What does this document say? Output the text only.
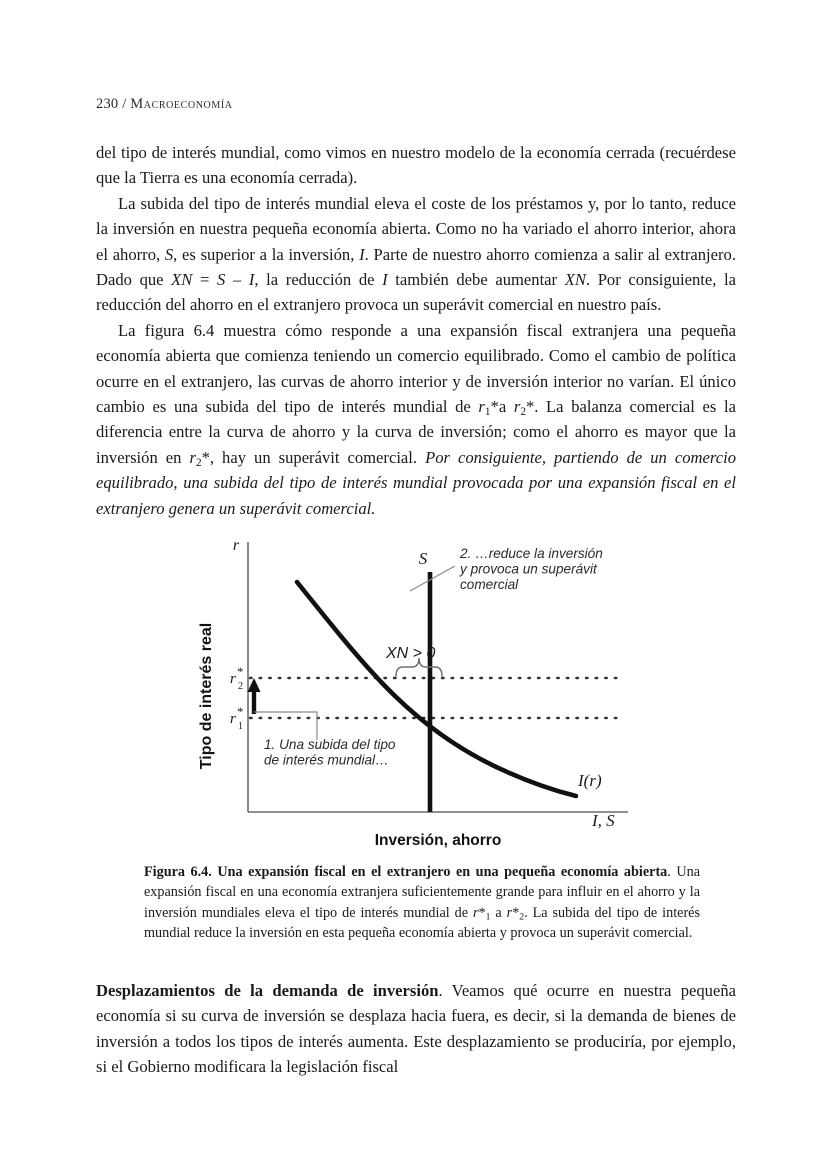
230 / Macroeconomía

del tipo de interés mundial, como vimos en nuestro modelo de la economía cerrada (recuérdese que la Tierra es una economía cerrada).

La subida del tipo de interés mundial eleva el coste de los préstamos y, por lo tanto, reduce la inversión en nuestra pequeña economía abierta. Como no ha variado el ahorro interior, ahora el ahorro, S, es superior a la inversión, I. Parte de nuestro ahorro comienza a salir al extranjero. Dado que XN = S – I, la reducción de I también debe aumentar XN. Por consiguiente, la reducción del ahorro en el extranjero provoca un superávit comercial en nuestro país.

La figura 6.4 muestra cómo responde a una expansión fiscal extranjera una pequeña economía abierta que comienza teniendo un comercio equilibrado. Como el cambio de política ocurre en el extranjero, las curvas de ahorro interior y de inversión interior no varían. El único cambio es una subida del tipo de interés mundial de $r_1*a$ $r_2*$. La balanza comercial es la diferencia entre la curva de ahorro y la curva de inversión; como el ahorro es mayor que la inversión en $r_2*$, hay un superávit comercial. Por consiguiente, partiendo de un comercio equilibrado, una subida del tipo de interés mundial provocada por una expansión fiscal en el extranjero genera un superávit comercial.

r
S
I(r)
I, S
XN > 0
r 2
*
r 1
*
Tipo de interés real
Inversión, ahorro
2. …reduce la inversión y provoca un superávit comercial
1. Una subida del tipo de interés mundial…
Figura 6.4. Una expansión fiscal en el extranjero en una pequeña economía abierta. Una expansión fiscal en una economía extranjera suficientemente grande para influir en el ahorro y la inversión mundiales eleva el tipo de interés mundial de $r*_1$ a $r*_2$. La subida del tipo de interés mundial reduce la inversión en esta pequeña economía abierta y provoca un superávit comercial.

Desplazamientos de la demanda de inversión. Veamos qué ocurre en nuestra pequeña economía si su curva de inversión se desplaza hacia fuera, es decir, si la demanda de bienes de inversión a todos los tipos de interés aumenta. Este desplazamiento se produciría, por ejemplo, si el Gobierno modificara la legislación fiscal
